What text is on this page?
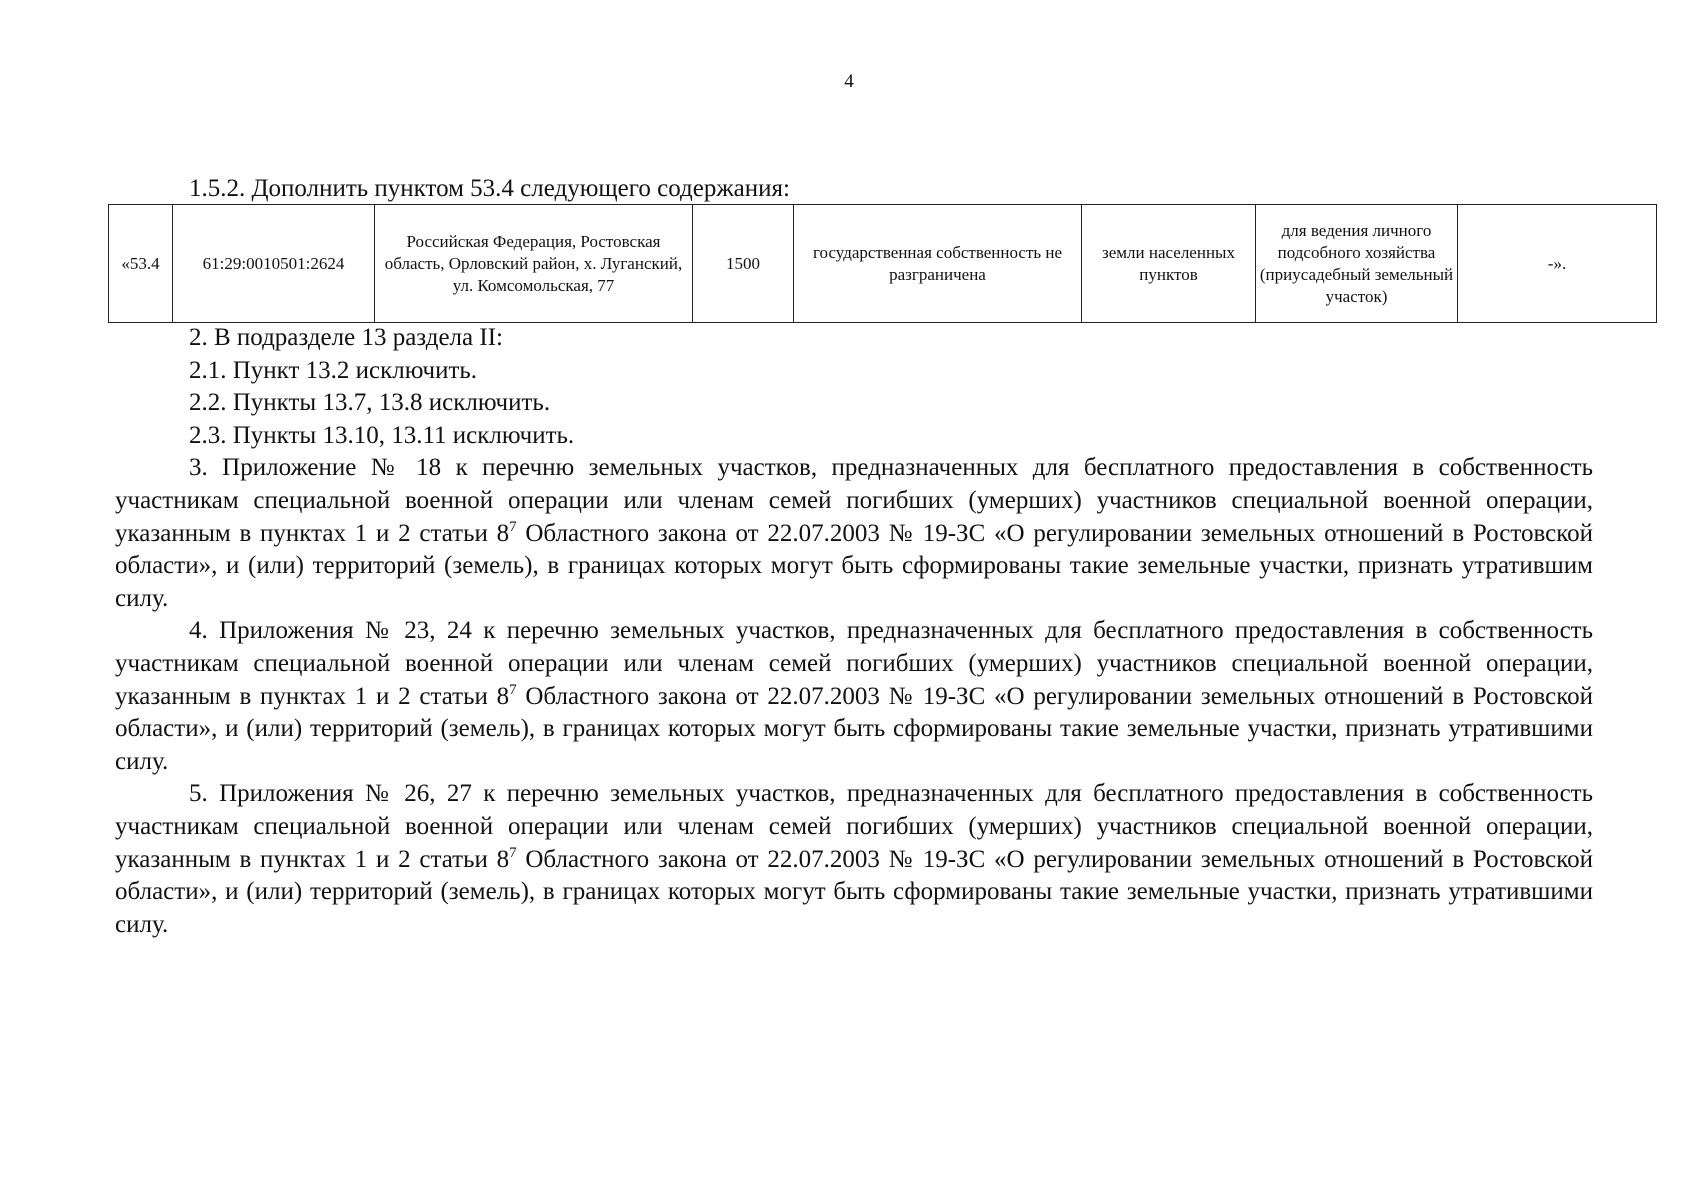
4
1.5.2. Дополнить пунктом 53.4 следующего содержания:
«53.4	61:29:0010501:2624	Российская Федерация, Ростовская область, Орловский район, х. Луганский, ул. Комсомольская, 77	1500	государственная собственность не разграничена	земли населенных пунктов	для ведения личного подсобного хозяйства (приусадебный земельный участок)	-».

2. В подразделе 13 раздела II:

2.1. Пункт 13.2 исключить.

2.2. Пункты 13.7, 13.8 исключить.

2.3. Пункты 13.10, 13.11 исключить.

3. Приложение № 18 к перечню земельных участков, предназначенных для бесплатного предоставления в собственность участникам специальной военной операции или членам семей погибших (умерших) участников специальной военной операции, указанным в пунктах 1 и 2 статьи $8^7$ Областного закона от 22.07.2003 № 19-ЗС «О регулировании земельных отношений в Ростовской области», и (или) территорий (земель), в границах которых могут быть сформированы такие земельные участки, признать утратившим силу.

4. Приложения № 23, 24 к перечню земельных участков, предназначенных для бесплатного предоставления в собственность участникам специальной военной операции или членам семей погибших (умерших) участников специальной военной операции, указанным в пунктах 1 и 2 статьи $8^7$ Областного закона от 22.07.2003 № 19-ЗС «О регулировании земельных отношений в Ростовской области», и (или) территорий (земель), в границах которых могут быть сформированы такие земельные участки, признать утратившими силу.

5. Приложения № 26, 27 к перечню земельных участков, предназначенных для бесплатного предоставления в собственность участникам специальной военной операции или членам семей погибших (умерших) участников специальной военной операции, указанным в пунктах 1 и 2 статьи $8^7$ Областного закона от 22.07.2003 № 19-ЗС «О регулировании земельных отношений в Ростовской области», и (или) территорий (земель), в границах которых могут быть сформированы такие земельные участки, признать утратившими силу.
